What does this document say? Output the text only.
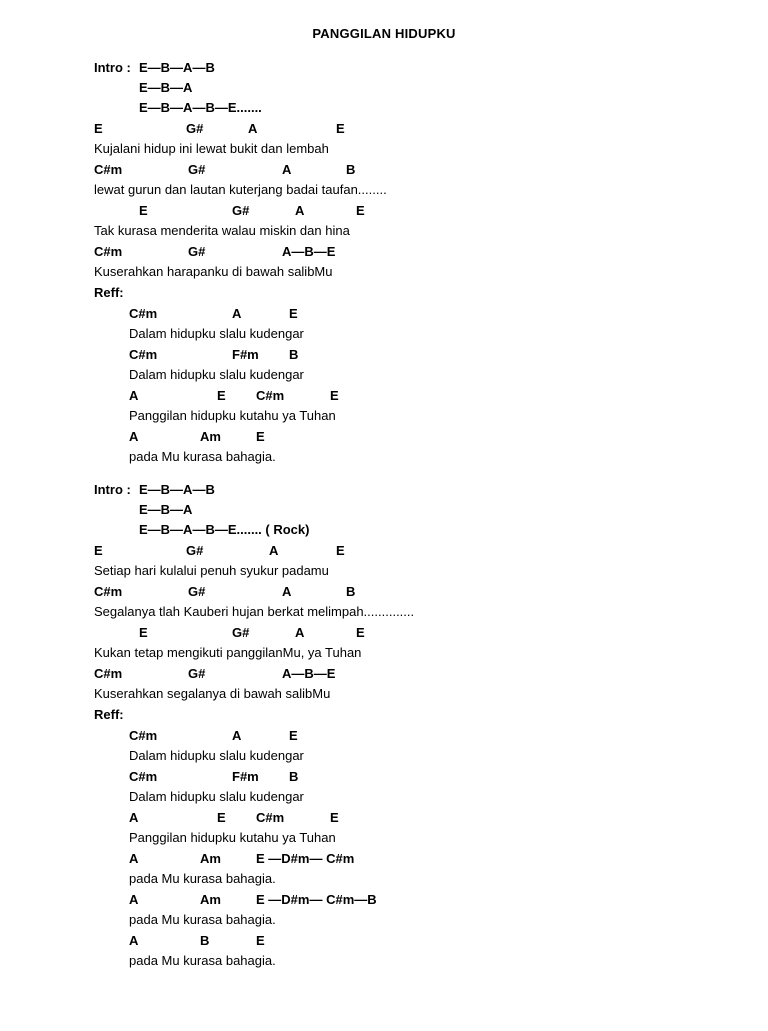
PANGGILAN HIDUPKU

Intro :

E—B—A—B

E—B—A
E—B—A—B—E.......

E

	G#

	A

	E

Kujalani hidup ini lewat bukit dan lembah

C#m

	G#

	A

	B

lewat gurun dan lautan kuterjang badai taufan........

E

	G#

	A

	E

Tak kurasa menderita walau miskin dan hina

C#m

	G#

	A—B—E

Kuserahkan harapanku di bawah salibMu
Reff:

C#m

	A

	E

Dalam hidupku slalu kudengar

C#m

	F#m

B

Dalam hidupku slalu kudengar

A

	E

C#m

	E

Panggilan hidupku kutahu ya Tuhan

A

	Am

	E

pada Mu kurasa bahagia.

Intro :

E—B—A—B

E—B—A
E—B—A—B—E....... ( Rock)

E

	G#

	A

	E

Setiap hari kulalui penuh syukur padamu

C#m

	G#

	A

	B

Segalanya tlah Kauberi hujan berkat melimpah..............

E

	G#

	A

	E

Kukan tetap mengikuti panggilanMu, ya Tuhan

C#m

	G#

	A—B—E

Kuserahkan segalanya di bawah salibMu
Reff:

C#m

	A

	E

Dalam hidupku slalu kudengar

C#m

	F#m

B

Dalam hidupku slalu kudengar

A

	E

C#m

	E

Panggilan hidupku kutahu ya Tuhan

A

	Am

	E —D#m— C#m

pada Mu kurasa bahagia.

A

	Am

	E —D#m— C#m—B

pada Mu kurasa bahagia.

A

	B

	E

pada Mu kurasa bahagia.
